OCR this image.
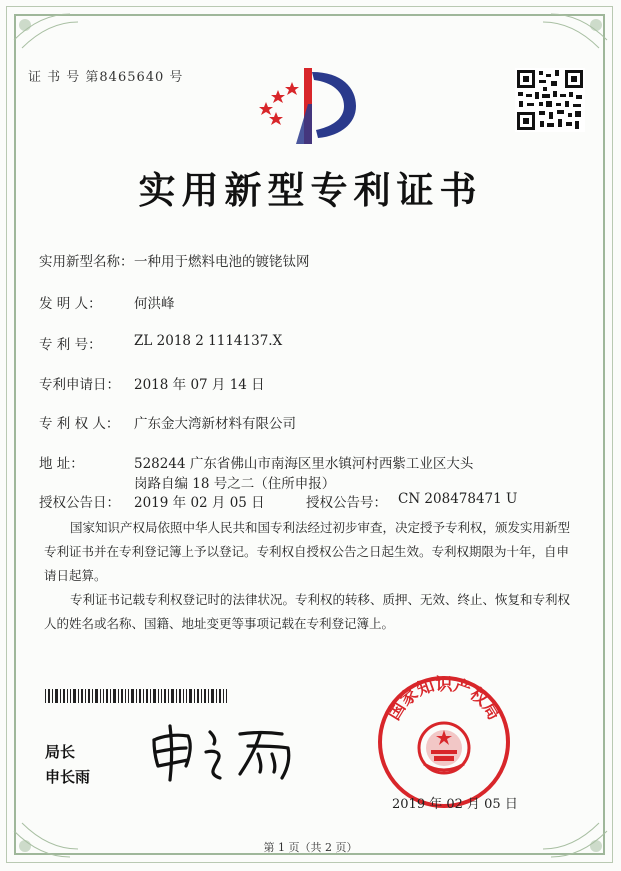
证 书 号 第8465640 号
实用新型专利证书
实用新型名称： 一种用于燃料电池的镀铑钛网
发 明 人： 何洪峰
专 利 号： ZL 2018 2 1114137.X
专利申请日： 2018 年 07 月 14 日
专 利 权 人： 广东金大湾新材料有限公司
地 址：	528244 广东省佛山市南海区里水镇河村西紫工业区大头
岗路自编 18 号之二（住所申报）
授权公告日： 2019 年 02 月 05 日	授权公告号： CN 208478471 U
国家知识产权局依照中华人民共和国专利法经过初步审查，决定授予专利权，颁发实用新型专利证书并在专利登记簿上予以登记。专利权自授权公告之日起生效。专利权期限为十年，自申请日起算。
专利证书记载专利权登记时的法律状况。专利权的转移、质押、无效、终止、恢复和专利权人的姓名或名称、国籍、地址变更等事项记载在专利登记簿上。
局长
申长雨
国家知识产权局
2019 年 02 月 05 日
第 1 页（共 2 页）
